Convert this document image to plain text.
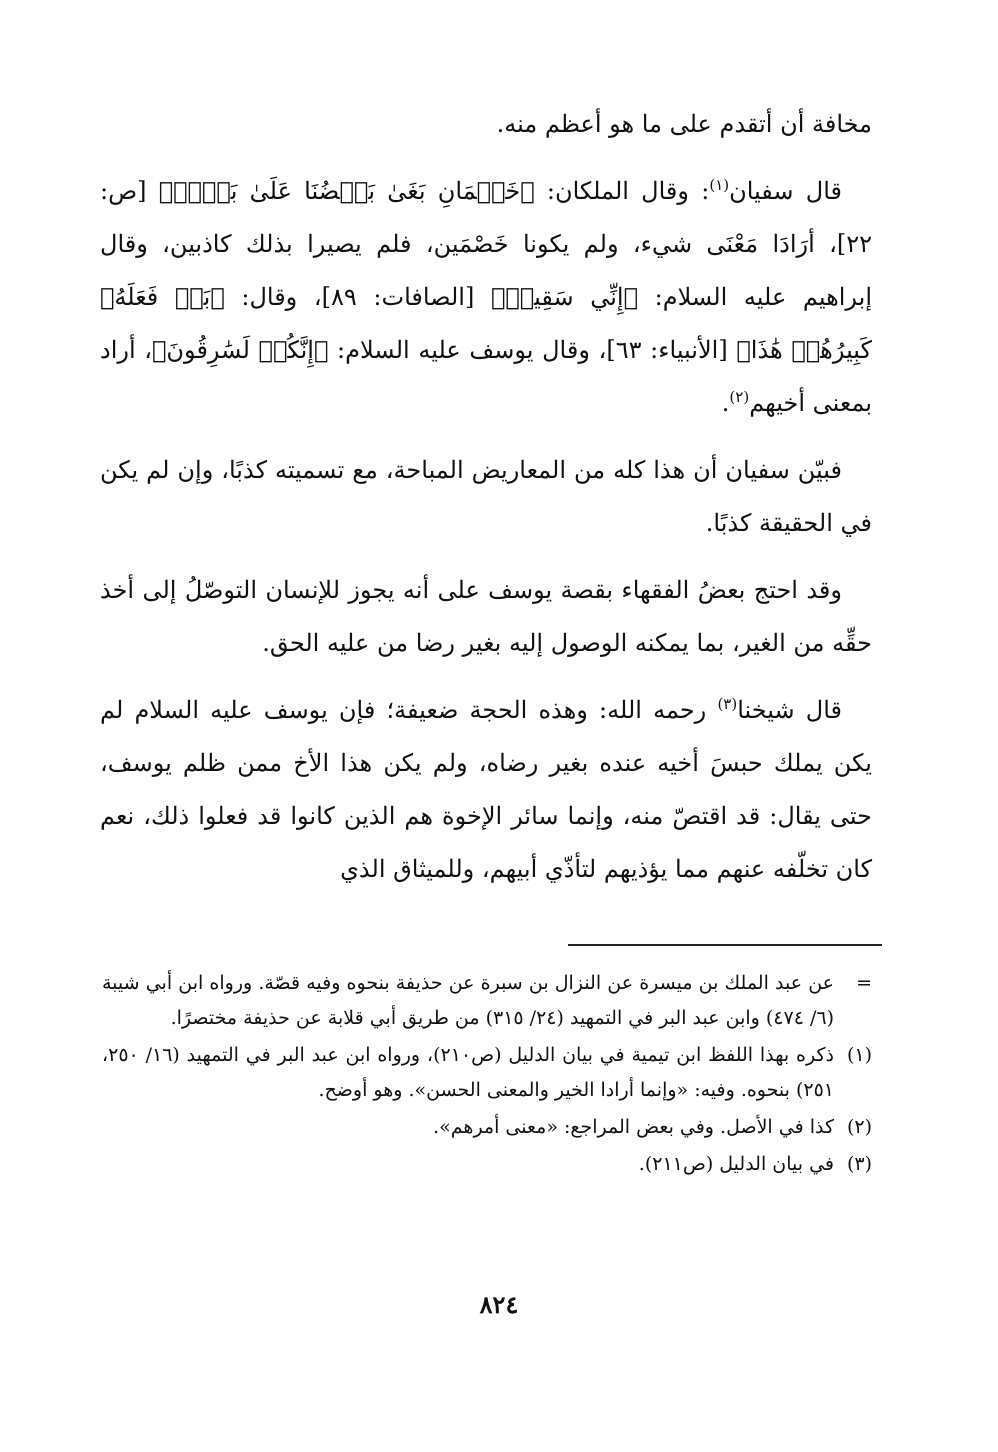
مخافة أن أتقدم على ما هو أعظم منه.

قال سفيان$^{(١)}$: وقال الملكان: ﴿خَصۡمَانِ بَغَىٰ بَعۡضُنَا عَلَىٰ بَعۡضٖ﴾ [ص: ٢٢]، أرَادَا مَعْنَى شيء، ولم يكونا خَصْمَين، فلم يصيرا بذلك كاذبين، وقال إبراهيم عليه السلام: ﴿إِنِّي سَقِيمٞ﴾ [الصافات: ٨٩]، وقال: ﴿بَلۡ فَعَلَهُۥ كَبِيرُهُمۡ هَٰذَا﴾ [الأنبياء: ٦٣]، وقال يوسف عليه السلام: ﴿إِنَّكُمۡ لَسَٰرِقُونَ﴾، أراد بمعنى أخيهم$^{(٢)}$.

فبيّن سفيان أن هذا كله من المعاريض المباحة، مع تسميته كذبًا، وإن لم يكن في الحقيقة كذبًا.

وقد احتج بعضُ الفقهاء بقصة يوسف على أنه يجوز للإنسان التوصّلُ إلى أخذ حقِّه من الغير، بما يمكنه الوصول إليه بغير رضا من عليه الحق.

قال شيخنا$^{(٣)}$ رحمه الله: وهذه الحجة ضعيفة؛ فإن يوسف عليه السلام لم يكن يملك حبسَ أخيه عنده بغير رضاه، ولم يكن هذا الأخ ممن ظلم يوسف، حتى يقال: قد اقتصّ منه، وإنما سائر الإخوة هم الذين كانوا قد فعلوا ذلك، نعم كان تخلّفه عنهم مما يؤذيهم لتأذّي أبيهم، وللميثاق الذي

=
عن عبد الملك بن ميسرة عن النزال بن سبرة عن حذيفة بنحوه وفيه قصّة. ورواه ابن أبي شيبة (٦/ ٤٧٤) وابن عبد البر في التمهيد (٢٤/ ٣١٥) من طريق أبي قلابة عن حذيفة مختصرًا.
(١)
ذكره بهذا اللفظ ابن تيمية في بيان الدليل (ص٢١٠)، ورواه ابن عبد البر في التمهيد (١٦/ ٢٥٠، ٢٥١) بنحوه. وفيه: «وإنما أرادا الخير والمعنى الحسن». وهو أوضح.
(٢)
كذا في الأصل. وفي بعض المراجع: «معنى أمرهم».
(٣)
في بيان الدليل (ص٢١١).
٨٢٤
